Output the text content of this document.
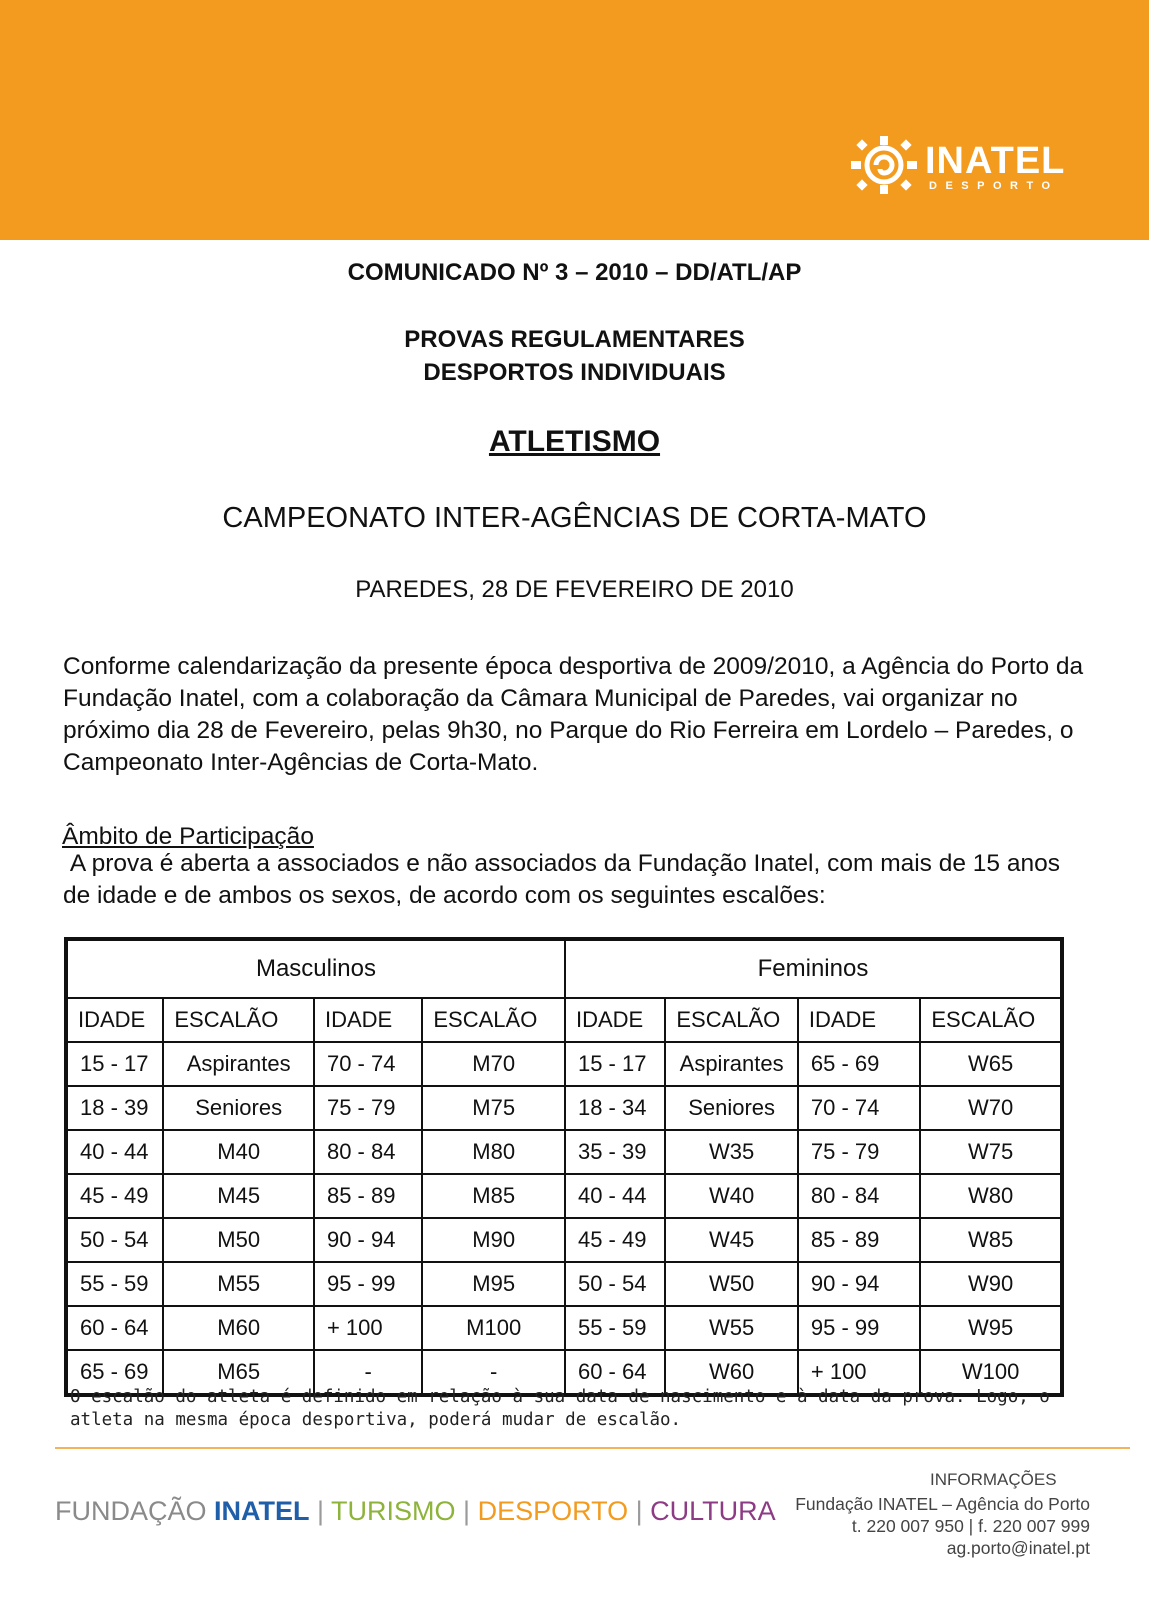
INATEL
DESPORTO
COMUNICADO Nº 3 – 2010 – DD/ATL/AP
PROVAS REGULAMENTARES
DESPORTOS INDIVIDUAIS
ATLETISMO
CAMPEONATO INTER-AGÊNCIAS DE CORTA-MATO
PAREDES, 28 DE FEVEREIRO DE 2010
Conforme calendarização da presente época desportiva de 2009/2010, a Agência do Porto da Fundação Inatel, com a colaboração da Câmara Municipal de Paredes, vai organizar no próximo dia 28 de Fevereiro, pelas 9h30, no Parque do Rio Ferreira em Lordelo – Paredes, o Campeonato Inter-Agências de Corta-Mato.
Âmbito de Participação
A prova é aberta a associados e não associados da Fundação Inatel, com mais de 15 anos de idade e de ambos os sexos, de acordo com os seguintes escalões:
Masculinos				Femininos			
IDADE	ESCALÃO	IDADE	ESCALÃO	IDADE	ESCALÃO	IDADE	ESCALÃO
15 - 17	Aspirantes	70 - 74	M70	15 - 17	Aspirantes	65 - 69	W65
18 - 39	Seniores	75 - 79	M75	18 - 34	Seniores	70 - 74	W70
40 - 44	M40	80 - 84	M80	35 - 39	W35	75 - 79	W75
45 - 49	M45	85 - 89	M85	40 - 44	W40	80 - 84	W80
50 - 54	M50	90 - 94	M90	45 - 49	W45	85 - 89	W85
55 - 59	M55	95 - 99	M95	50 - 54	W50	90 - 94	W90
60 - 64	M60	+ 100	M100	55 - 59	W55	95 - 99	W95
65 - 69	M65	-	-	60 - 64	W60	+ 100	W100
O escalão do atleta é definido em relação à sua data de nascimento e à data da prova. Logo, o atleta na mesma época desportiva, poderá mudar de escalão.
FUNDAÇÃO INATEL | TURISMO | DESPORTO | CULTURA
INFORMAÇÕES
Fundação INATEL – Agência do Porto
t. 220 007 950 | f. 220 007 999
ag.porto@inatel.pt
